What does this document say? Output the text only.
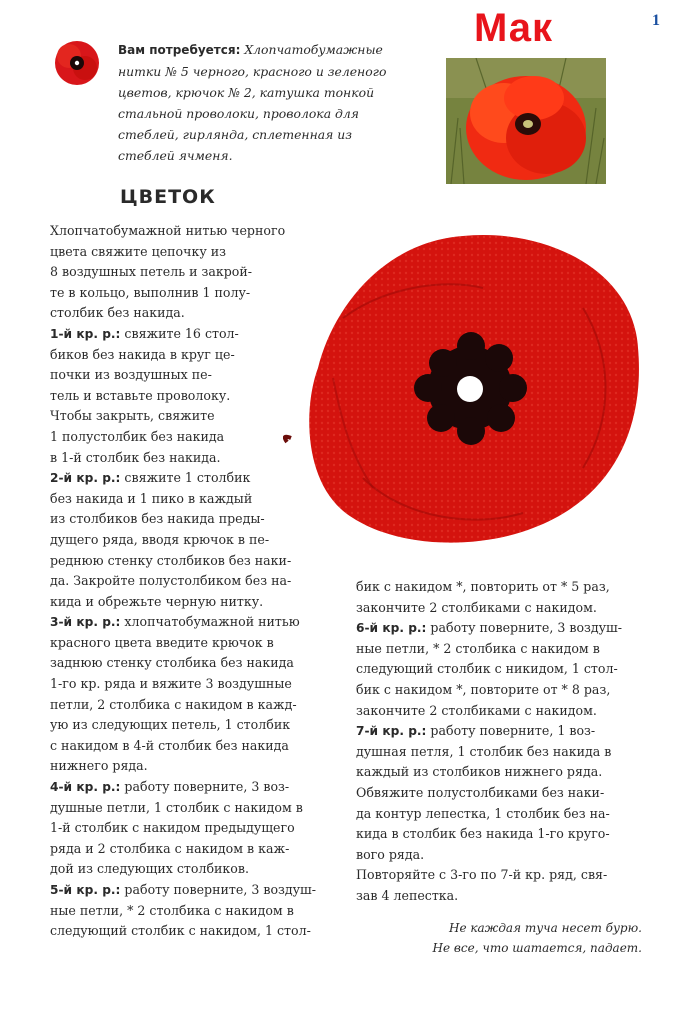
Мак	1
Вам потребуется: Хлопчатобумажные нитки № 5 черного, красного и зеленого цветов, крючок № 2, катушка тонкой стальной проволоки, проволока для стеблей, гирлянда, сплетенная из стеблей ячменя.
ЦВЕТОК
Хлопчатобумажной нитью черного
цвета свяжите цепочку из
8 воздушных петель и закрой-
те в кольцо, выполнив 1 полу-
столбик без накида.
1-й кр. р.: свяжите 16 стол-
биков без накида в круг це-
почки из воздушных пе-
тель и вставьте проволоку.
Чтобы закрыть, свяжите
1 полустолбик без накида
в 1-й столбик без накида.
2-й кр. р.: свяжите 1 столбик
без накида и 1 пико в каждый
из столбиков без накида преды-
дущего ряда, вводя крючок в пе-
реднюю стенку столбиков без наки-
да. Закройте полустолбиком без на-
кида и обрежьте черную нитку.
3-й кр. р.: хлопчатобумажной нитью
красного цвета введите крючок в
заднюю стенку столбика без накида
1-го кр. ряда и вяжите 3 воздушные
петли, 2 столбика с накидом в кажд-
ую из следующих петель, 1 столбик
с накидом в 4-й столбик без накида
нижнего ряда.
4-й кр. р.: работу поверните, 3 воз-
душные петли, 1 столбик с накидом в
1-й столбик с накидом предыдущего
ряда и 2 столбика с накидом в каж-
дой из следующих столбиков.
5-й кр. р.: работу поверните, 3 воздуш-
ные петли, * 2 столбика с накидом в
следующий столбик с накидом, 1 стол-
бик с накидом *, повторить от * 5 раз,
закончите 2 столбиками с накидом.
6-й кр. р.: работу поверните, 3 воздуш-
ные петли, * 2 столбика с накидом в
следующий столбик с никидом, 1 стол-
бик с накидом *, повторите от * 8 раз,
закончите 2 столбиками с накидом.
7-й кр. р.: работу поверните, 1 воз-
душная петля, 1 столбик без накида в
каждый из столбиков нижнего ряда.
Обвяжите полустолбиками без наки-
да контур лепестка, 1 столбик без на-
кида в столбик без накида 1-го круго-
вого ряда.
Повторяйте с 3-го по 7-й кр. ряд, свя-
зав 4 лепестка.
Не каждая туча несет бурю.
Не все, что шатается, падает.
